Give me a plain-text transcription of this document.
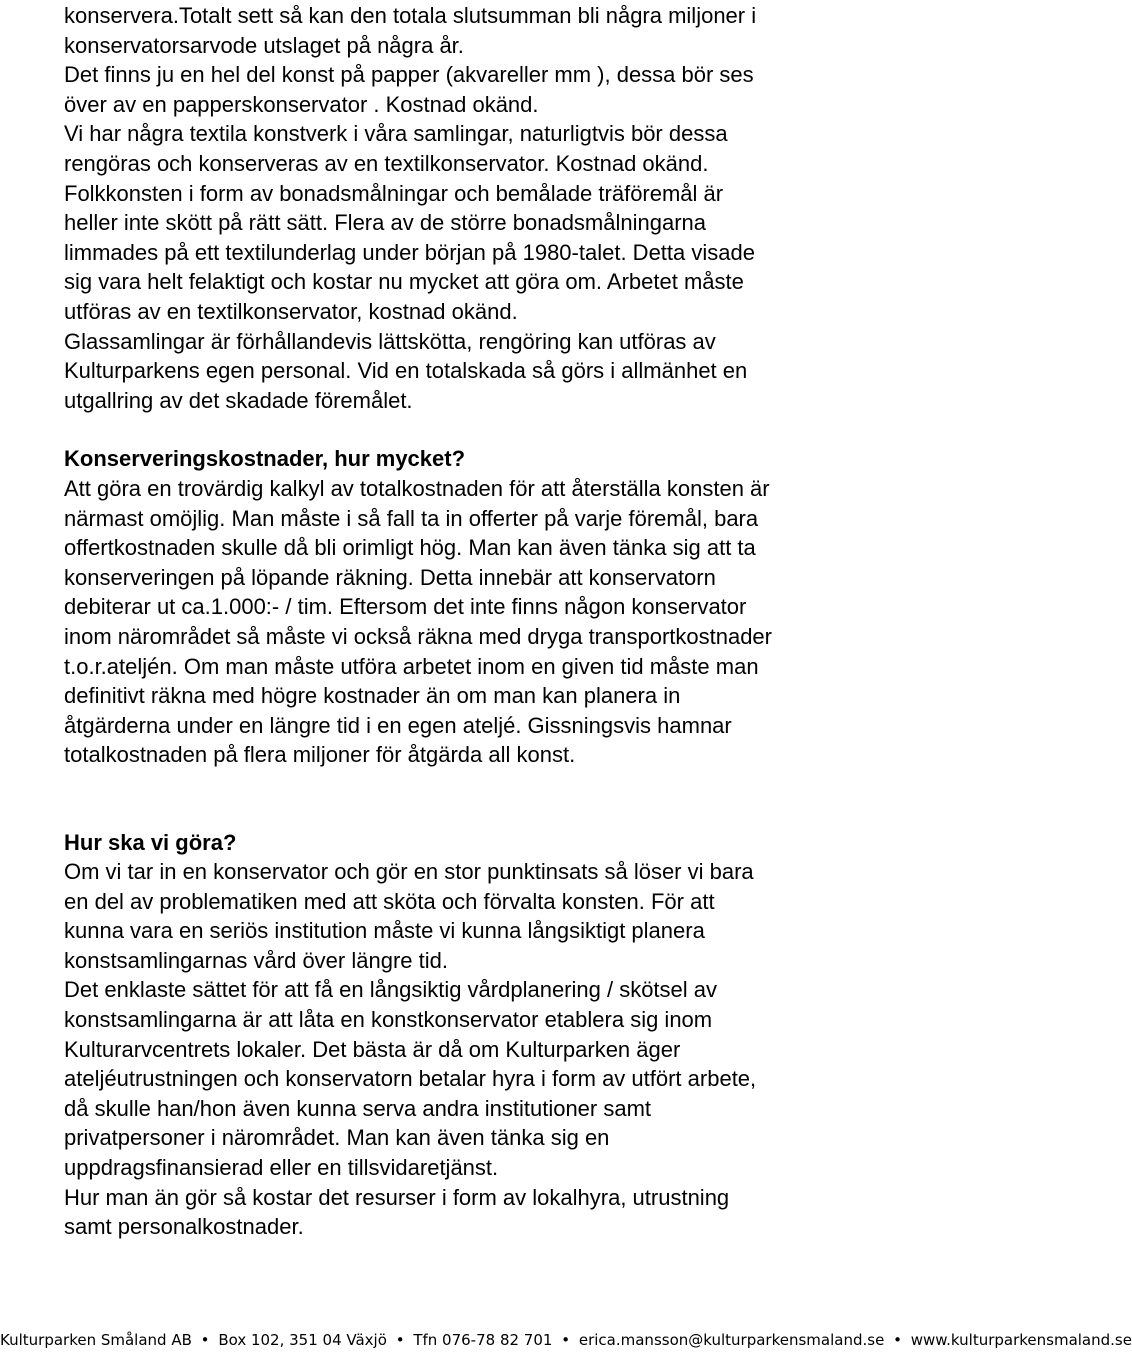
konservera.Totalt sett så kan den totala slutsumman bli några miljoner i
konservatorsarvode utslaget på några år.
Det finns ju en hel del konst på papper (akvareller mm ), dessa bör ses
över av en papperskonservator . Kostnad okänd.
Vi har några textila konstverk i våra samlingar, naturligtvis bör dessa
rengöras och konserveras av en textilkonservator. Kostnad okänd.
Folkkonsten i form av bonadsmålningar och bemålade träföremål är
heller inte skött på rätt sätt. Flera av de större bonadsmålningarna
limmades på ett textilunderlag under början på 1980-talet. Detta visade
sig vara helt felaktigt och kostar nu mycket att göra om. Arbetet måste
utföras av en textilkonservator, kostnad okänd.
Glassamlingar är förhållandevis lättskötta, rengöring kan utföras av
Kulturparkens egen personal. Vid en totalskada så görs i allmänhet en
utgallring av det skadade föremålet.

Konserveringskostnader, hur mycket?

Att göra en trovärdig kalkyl av totalkostnaden för att återställa konsten är
närmast omöjlig. Man måste i så fall ta in offerter på varje föremål, bara
offertkostnaden skulle då bli orimligt hög. Man kan även tänka sig att ta
konserveringen på löpande räkning. Detta innebär att konservatorn
debiterar ut ca.1.000:- / tim. Eftersom det inte finns någon konservator
inom närområdet så måste vi också räkna med dryga transportkostnader
t.o.r.ateljén. Om man måste utföra arbetet inom en given tid måste man
definitivt räkna med högre kostnader än om man kan planera in
åtgärderna under en längre tid i en egen ateljé. Gissningsvis hamnar
totalkostnaden på flera miljoner för åtgärda all konst.

Hur ska vi göra?

Om vi tar in en konservator och gör en stor punktinsats så löser vi bara
en del av problematiken med att sköta och förvalta konsten. För att
kunna vara en seriös institution måste vi kunna långsiktigt planera
konstsamlingarnas vård över längre tid.
Det enklaste sättet för att få en långsiktig vårdplanering / skötsel av
konstsamlingarna är att låta en konstkonservator etablera sig inom
Kulturarvcentrets lokaler. Det bästa är då om Kulturparken äger
ateljéutrustningen och konservatorn betalar hyra i form av utfört arbete,
då skulle han/hon även kunna serva andra institutioner samt
privatpersoner i närområdet. Man kan även tänka sig en
uppdragsfinansierad eller en tillsvidaretjänst.
Hur man än gör så kostar det resurser i form av lokalhyra, utrustning
samt personalkostnader.
Kulturparken Småland AB • Box 102, 351 04 Växjö • Tfn 076-78 82 701 • erica.mansson@kulturparkensmaland.se • www.kulturparkensmaland.se
